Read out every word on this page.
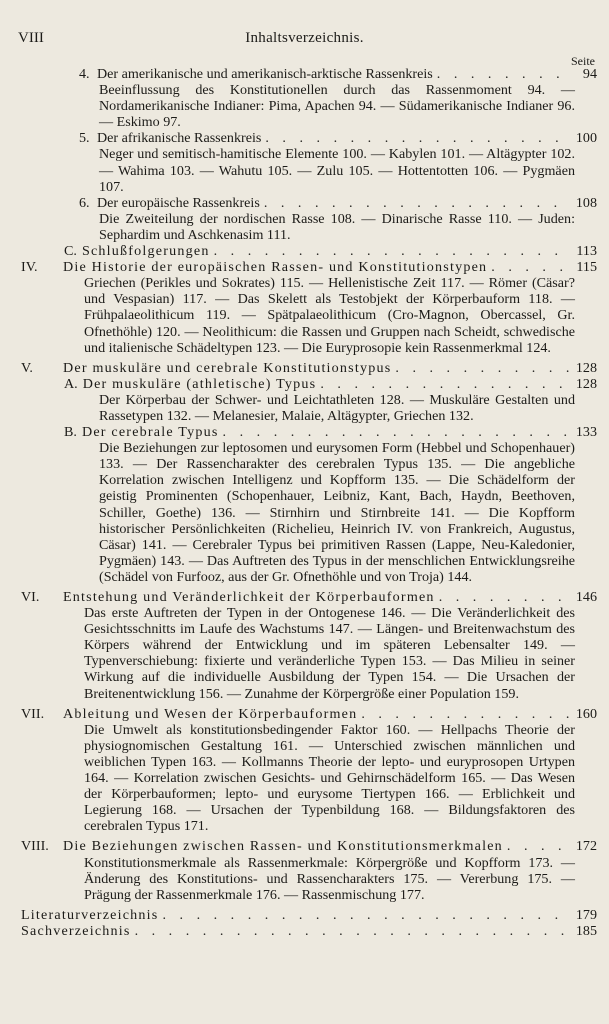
VIII	Inhaltsverzeichnis.
Seite
4. Der amerikanische und amerikanisch-arktische Rassenkreis . . .	94
Beeinflussung des Konstitutionellen durch das Rassenmoment 94. — Nordamerikanische Indianer: Pima, Apachen 94. — Südamerikanische Indianer 96. — Eskimo 97.
5. Der afrikanische Rassenkreis . . .	100
Neger und semitisch-hamitische Elemente 100. — Kabylen 101. — Altägypter 102. — Wahima 103. — Wahutu 105. — Zulu 105. — Hottentotten 106. — Pygmäen 107.
6. Der europäische Rassenkreis . . .	108
Die Zweiteilung der nordischen Rasse 108. — Dinarische Rasse 110. — Juden: Sephardim und Aschkenasim 111.
C. Schlußfolgerungen . . .	113
IV.	Die Historie der europäischen Rassen- und Konstitutionstypen . . .	115
Griechen (Perikles und Sokrates) 115. — Hellenistische Zeit 117. — Römer (Cäsar? und Vespasian) 117. — Das Skelett als Testobjekt der Körperbauform 118. — Frühpalaeolithicum 119. — Spätpalaeolithicum (Cro-Magnon, Obercassel, Gr. Ofnethöhle) 120. — Neolithicum: die Rassen und Gruppen nach Scheidt, schwedische und italienische Schädeltypen 123. — Die Euryprosopie kein Rassenmerkmal 124.
V.	Der muskuläre und cerebrale Konstitutionstypus . . .	128
A. Der muskuläre (athletische) Typus . . .	128
Der Körperbau der Schwer- und Leichtathleten 128. — Muskuläre Gestalten und Rassetypen 132. — Melanesier, Malaie, Altägypter, Griechen 132.
B. Der cerebrale Typus . . .	133
Die Beziehungen zur leptosomen und eurysomen Form (Hebbel und Schopenhauer) 133. — Der Rassencharakter des cerebralen Typus 135. — Die angebliche Korrelation zwischen Intelligenz und Kopfform 135. — Die Schädelform der geistig Prominenten (Schopenhauer, Leibniz, Kant, Bach, Haydn, Beethoven, Schiller, Goethe) 136. — Stirnhirn und Stirnbreite 141. — Die Kopfform historischer Persönlichkeiten (Richelieu, Heinrich IV. von Frankreich, Augustus, Cäsar) 141. — Cerebraler Typus bei primitiven Rassen (Lappe, Neu-Kaledonier, Pygmäen) 143. — Das Auftreten des Typus in der menschlichen Entwicklungsreihe (Schädel von Furfooz, aus der Gr. Ofnethöhle und von Troja) 144.
VI.	Entstehung und Veränderlichkeit der Körperbauformen . . .	146
Das erste Auftreten der Typen in der Ontogenese 146. — Die Veränderlichkeit des Gesichtsschnitts im Laufe des Wachstums 147. — Längen- und Breitenwachstum des Körpers während der Entwicklung und im späteren Lebensalter 149. — Typenverschiebung: fixierte und veränderliche Typen 153. — Das Milieu in seiner Wirkung auf die individuelle Ausbildung der Typen 154. — Die Ursachen der Breitenentwicklung 156. — Zunahme der Körpergröße einer Population 159.
VII.	Ableitung und Wesen der Körperbauformen . . .	160
Die Umwelt als konstitutionsbedingender Faktor 160. — Hellpachs Theorie der physiognomischen Gestaltung 161. — Unterschied zwischen männlichen und weiblichen Typen 163. — Kollmanns Theorie der lepto- und euryprosopen Urtypen 164. — Korrelation zwischen Gesichts- und Gehirnschädelform 165. — Das Wesen der Körperbauformen; lepto- und eurysome Tiertypen 166. — Erblichkeit und Legierung 168. — Ursachen der Typenbildung 168. — Bildungsfaktoren des cerebralen Typus 171.
VIII.	Die Beziehungen zwischen Rassen- und Konstitutionsmerkmalen . . .	172
Konstitutionsmerkmale als Rassenmerkmale: Körpergröße und Kopfform 173. — Änderung des Konstitutions- und Rassencharakters 175. — Vererbung 175. — Prägung der Rassenmerkmale 176. — Rassenmischung 177.
Literaturverzeichnis . . .	179
Sachverzeichnis . . .	185
